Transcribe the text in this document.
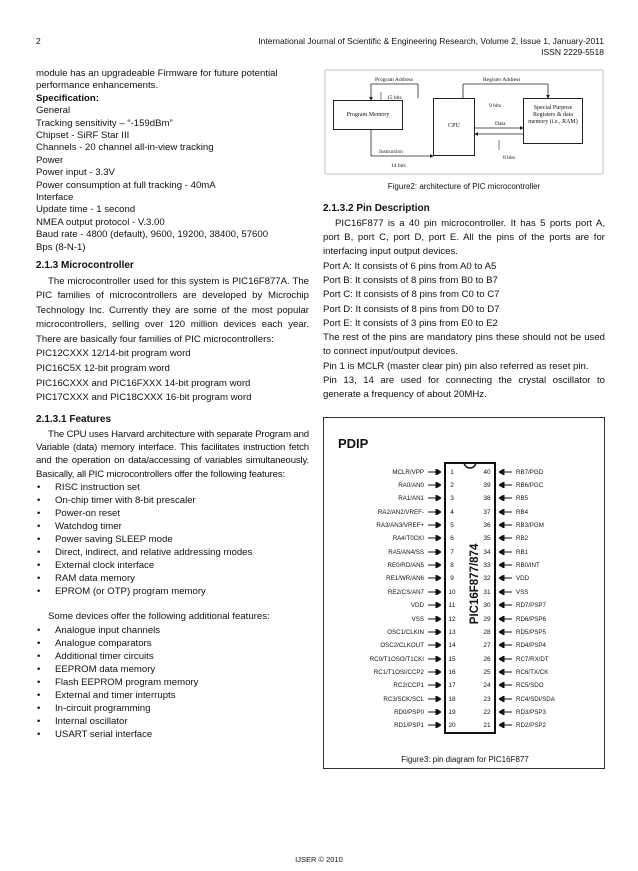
2	International Journal of Scientific & Engineering Research, Volume 2, Issue 1, January-2011
ISSN 2229-5518
module has an upgradeable Firmware for future potential
performance enhancements.
Specification:
General
Tracking sensitivity – “-159dBm”
Chipset - SiRF Star III
Channels - 20 channel all-in-view tracking
Power
Power input - 3.3V
Power consumption at full tracking - 40mA
Interface
Update time - 1 second
NMEA output protocol - V.3.00
Baud rate - 4800 (default), 9600, 19200, 38400, 57600
Bps (8-N-1)
2.1.3 Microcontroller
The microcontroller used for this system is PIC16F877A. The PIC families of microcontrollers are developed by Microchip Technology Inc. Currently they are some of the most popular microcontrollers, selling over 120 million devices each year. There are basically four families of PIC microcontrollers:
PIC12CXXX 12/14-bit program word
PIC16C5X 12-bit program word
PIC16CXXX and PIC16FXXX 14-bit program word
PIC17CXXX and PIC18CXXX 16-bit program word
2.1.3.1 Features
The CPU uses Harvard architecture with separate Program and Variable (data) memory interface. This facilitates instruction fetch and the operation on data/accessing of variables simultaneously. Basically, all PIC microcontrollers offer the following features:
• RISC instruction set
• On-chip timer with 8-bit prescaler
• Power-on reset
• Watchdog timer
• Power saving SLEEP mode
• Direct, indirect, and relative addressing modes
• External clock interface
• RAM data memory
• EPROM (or OTP) program memory
Some devices offer the following additional features:
• Analogue input channels
• Analogue comparators
• Additional timer circuits
• EEPROM data memory
• Flash EEPROM program memory
• External and timer interrupts
• In-circuit programming
• Internal oscillator
• USART serial interface
Program Memory
CPU
Special Purpose Registers & data memory (i.e., RAM)
Program Address
15 bits
Instruction
14 bits
Register Address
9 bits
Data
8 bits
Figure2: architecture of PIC microcontroller
2.1.3.2 Pin Description
PIC16F877 is a 40 pin microcontroller. It has 5 ports port A, port B, port C, port D, port E. All the pins of the ports are for interfacing input output devices.
Port A: It consists of 6 pins from A0 to A5
Port B: It consists of 8 pins from B0 to B7
Port C: It consists of 8 pins from C0 to C7
Port D: It consists of 8 pins from D0 to D7
Port E: It consists of 3 pins from E0 to E2
The rest of the pins are mandatory pins these should not be used to connect input/output devices.
Pin 1 is MCLR (master clear pin) pin also referred as reset pin.
Pin 13, 14 are used for connecting the crystal oscillator to generate a frequency of about 20MHz.
PDIP
PIC16F877/874
MCLR/VPP	1
RA0/AN0	2
RA1/AN1	3
RA2/AN2/VREF-	4
RA3/AN3/VREF+	5
RA4/T0CKI	6
RA5/AN4/SS	7
RE0/RD/AN5	8
RE1/WR/AN6	9
RE2/CS/AN7	10
VDD	11
VSS	12
OSC1/CLKIN	13
OSC2/CLKOUT	14
RC0/T1OSO/T1CKI	15
RC1/T1OSI/CCP2	16
RC2/CCP1	17
RC3/SCK/SCL	18
RD0/PSP0	19
RD1/PSP1	20
RB7/PGD
40
RB6/PGC
39
RB5
38
RB4
37
RB3/PGM
36
RB2
35
RB1
34
RB0/INT
33
VDD
32
VSS
31
RD7/PSP7
30
RD6/PSP6
29
RD5/PSP5
28
RD4/PSP4
27
RC7/RX/DT
26
RC6/TX/CK
25
RC5/SDO
24
RC4/SDI/SDA
23
RD3/PSP3
22
RD2/PSP2
21
Figure3: pin diagram for PIC16F877
IJSER © 2010
